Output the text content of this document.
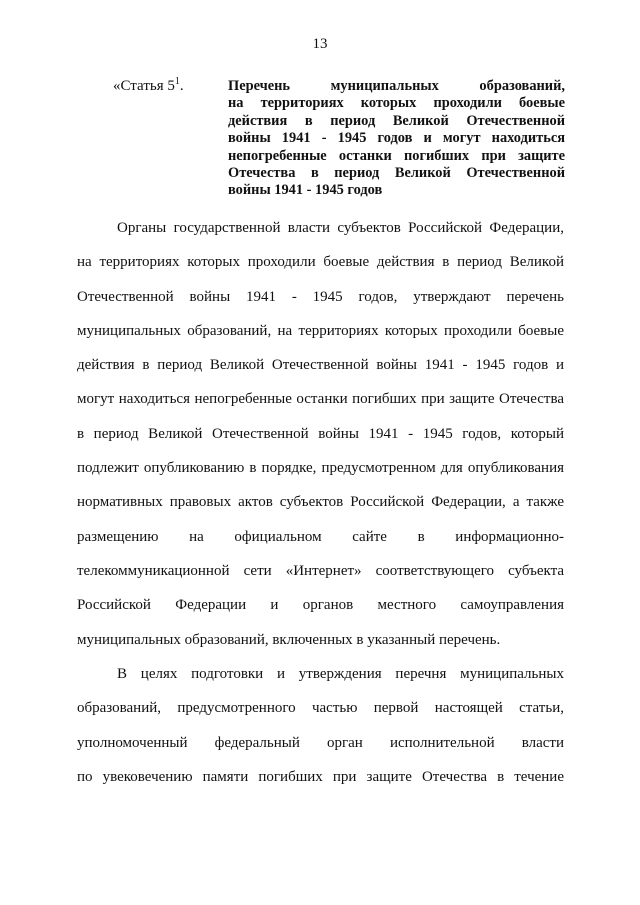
13
«Статья $5^1$.	Перечень муниципальных образований,
на территориях которых проходили боевые
действия в период Великой Отечественной
войны 1941 - 1945 годов и могут находиться
непогребенные останки погибших при защите
Отечества в период Великой Отечественной
войны 1941 - 1945 годов
Органы государственной власти субъектов Российской Федерации,
на территориях которых проходили боевые действия в период Великой
Отечественной войны 1941 - 1945 годов, утверждают перечень
муниципальных образований, на территориях которых проходили боевые
действия в период Великой Отечественной войны 1941 - 1945 годов и
могут находиться непогребенные останки погибших при защите Отечества
в период Великой Отечественной войны 1941 - 1945 годов, который
подлежит опубликованию в порядке, предусмотренном для опубликования
нормативных правовых актов субъектов Российской Федерации, а также
размещению на официальном сайте в информационно-
телекоммуникационной сети «Интернет» соответствующего субъекта
Российской Федерации и органов местного самоуправления
муниципальных образований, включенных в указанный перечень.
В целях подготовки и утверждения перечня муниципальных
образований, предусмотренного частью первой настоящей статьи,
уполномоченный федеральный орган исполнительной власти
по увековечению памяти погибших при защите Отечества в течение
